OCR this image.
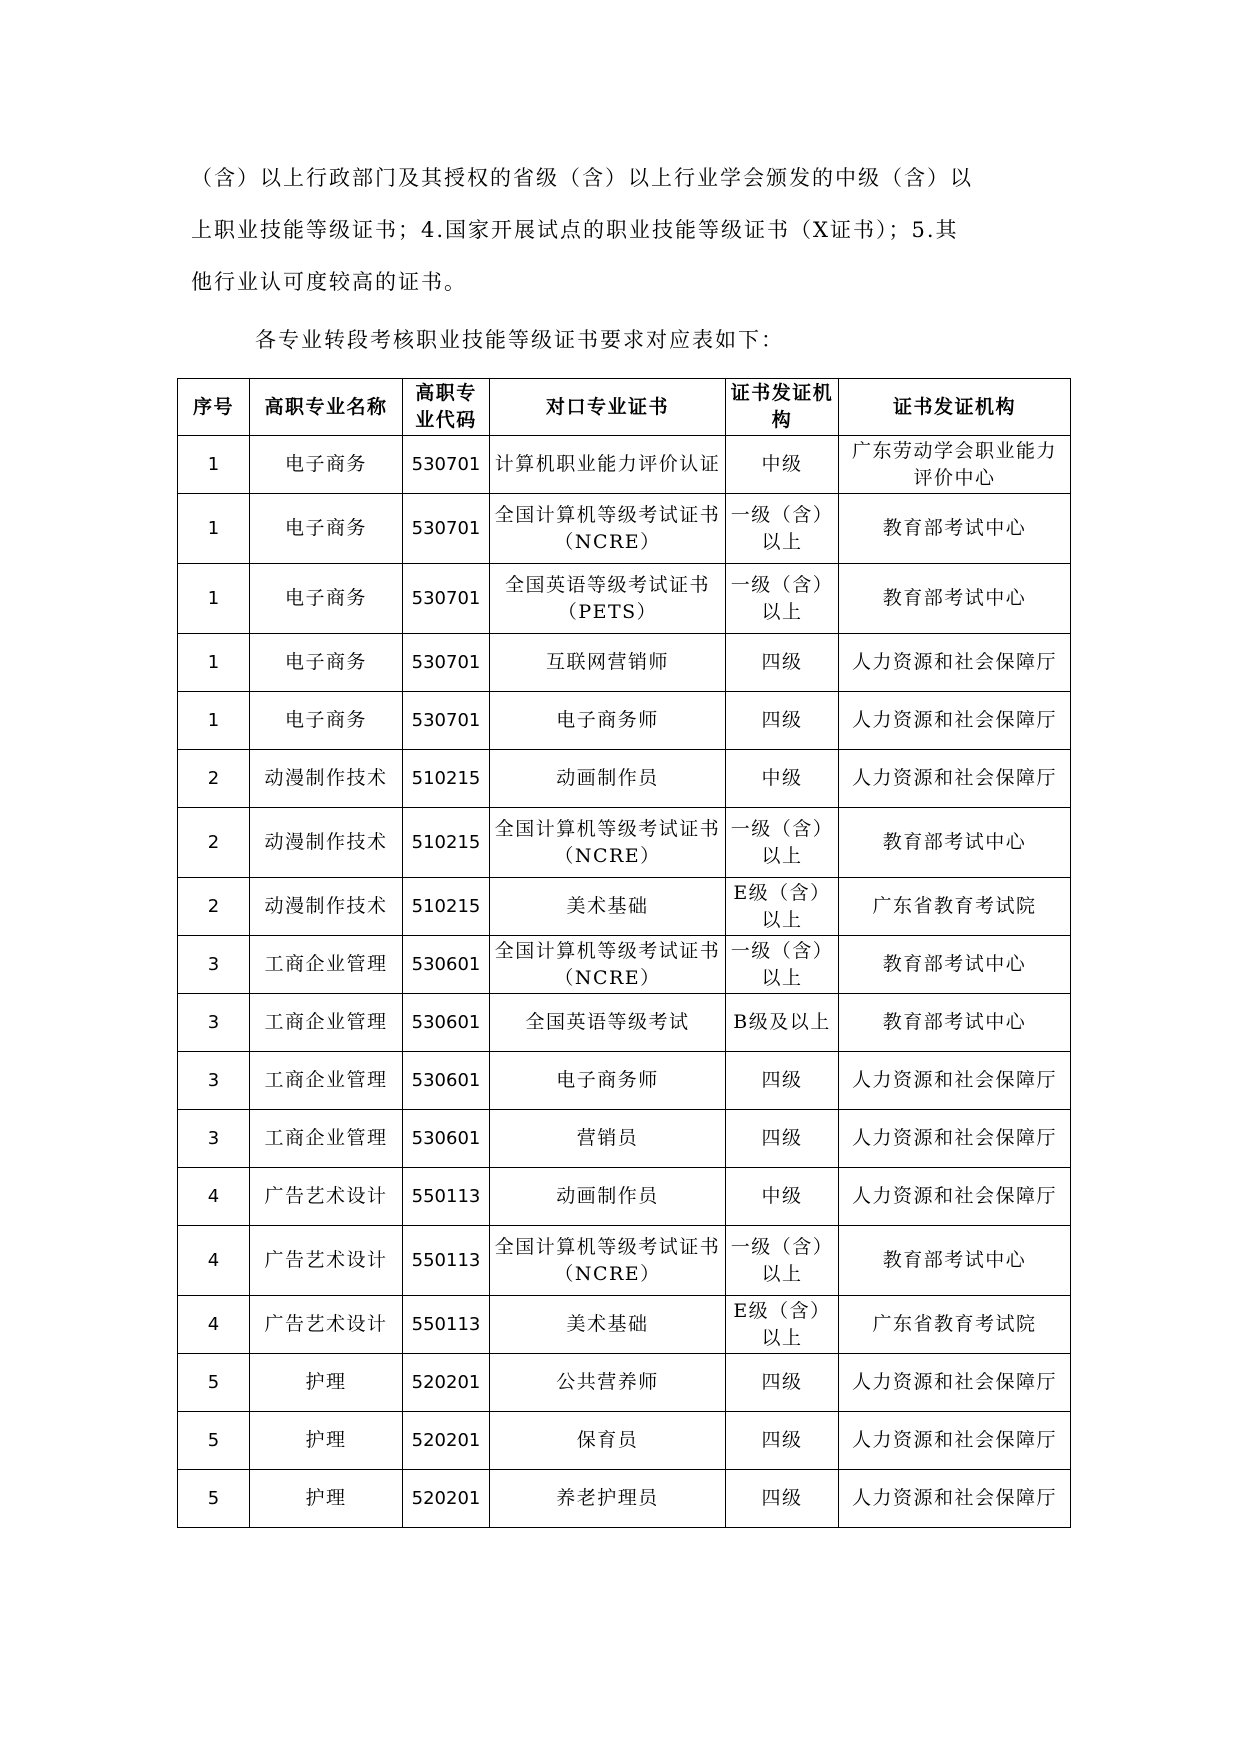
（含）以上行政部门及其授权的省级（含）以上行业学会颁发的中级（含）以
上职业技能等级证书；4.国家开展试点的职业技能等级证书（X证书）；5.其
他行业认可度较高的证书。
各专业转段考核职业技能等级证书要求对应表如下：
序号	高职专业名称	高职专业代码	对口专业证书	证书发证机构	证书发证机构
1	电子商务	530701	计算机职业能力评价认证	中级	广东劳动学会职业能力评价中心
1	电子商务	530701	全国计算机等级考试证书（NCRE）	一级（含）以上	教育部考试中心
1	电子商务	530701	全国英语等级考试证书（PETS）	一级（含）以上	教育部考试中心
1	电子商务	530701	互联网营销师	四级	人力资源和社会保障厅
1	电子商务	530701	电子商务师	四级	人力资源和社会保障厅
2	动漫制作技术	510215	动画制作员	中级	人力资源和社会保障厅
2	动漫制作技术	510215	全国计算机等级考试证书（NCRE）	一级（含）以上	教育部考试中心
2	动漫制作技术	510215	美术基础	E级（含）以上	广东省教育考试院
3	工商企业管理	530601	全国计算机等级考试证书（NCRE）	一级（含）以上	教育部考试中心
3	工商企业管理	530601	全国英语等级考试	B级及以上	教育部考试中心
3	工商企业管理	530601	电子商务师	四级	人力资源和社会保障厅
3	工商企业管理	530601	营销员	四级	人力资源和社会保障厅
4	广告艺术设计	550113	动画制作员	中级	人力资源和社会保障厅
4	广告艺术设计	550113	全国计算机等级考试证书（NCRE）	一级（含）以上	教育部考试中心
4	广告艺术设计	550113	美术基础	E级（含）以上	广东省教育考试院
5	护理	520201	公共营养师	四级	人力资源和社会保障厅
5	护理	520201	保育员	四级	人力资源和社会保障厅
5	护理	520201	养老护理员	四级	人力资源和社会保障厅
